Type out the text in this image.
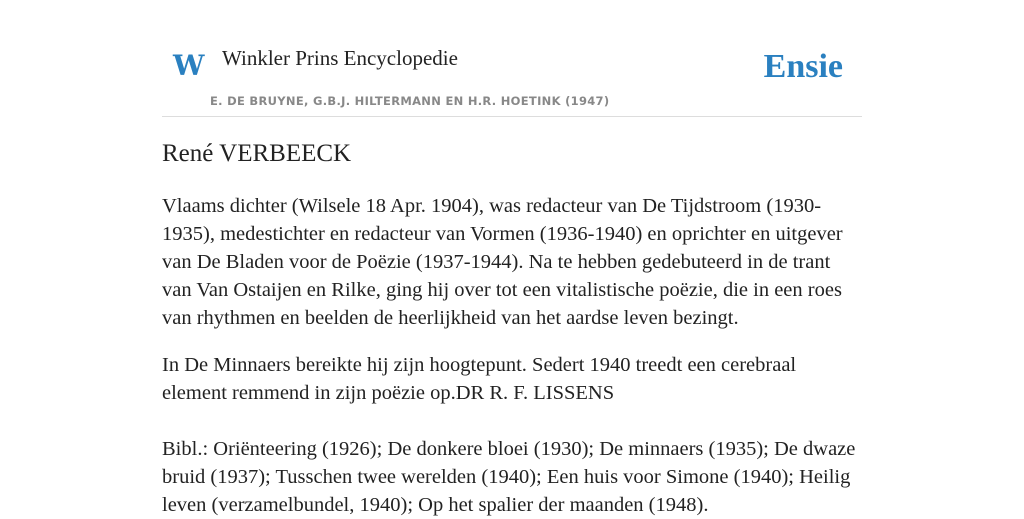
W Winkler Prins Encyclopedie
E. DE BRUYNE, G.B.J. HILTERMANN EN H.R. HOETINK (1947)
Ensie
René VERBEECK

Vlaams dichter (Wilsele 18 Apr. 1904), was redacteur van De Tijdstroom (1930-1935), medestichter en redacteur van Vormen (1936-1940) en oprichter en uitgever van De Bladen voor de Poëzie (1937-1944). Na te hebben gedebuteerd in de trant van Van Ostaijen en Rilke, ging hij over tot een vitalistische poëzie, die in een roes van rhythmen en beelden de heerlijkheid van het aardse leven bezingt.

In De Minnaers bereikte hij zijn hoogtepunt. Sedert 1940 treedt een cerebraal element remmend in zijn poëzie op.DR R. F. LISSENS

Bibl.: Oriënteering (1926); De donkere bloei (1930); De minnaers (1935); De dwaze bruid (1937); Tusschen twee werelden (1940); Een huis voor Simone (1940); Heilig leven (verzamelbundel, 1940); Op het spalier der maanden (1948).
